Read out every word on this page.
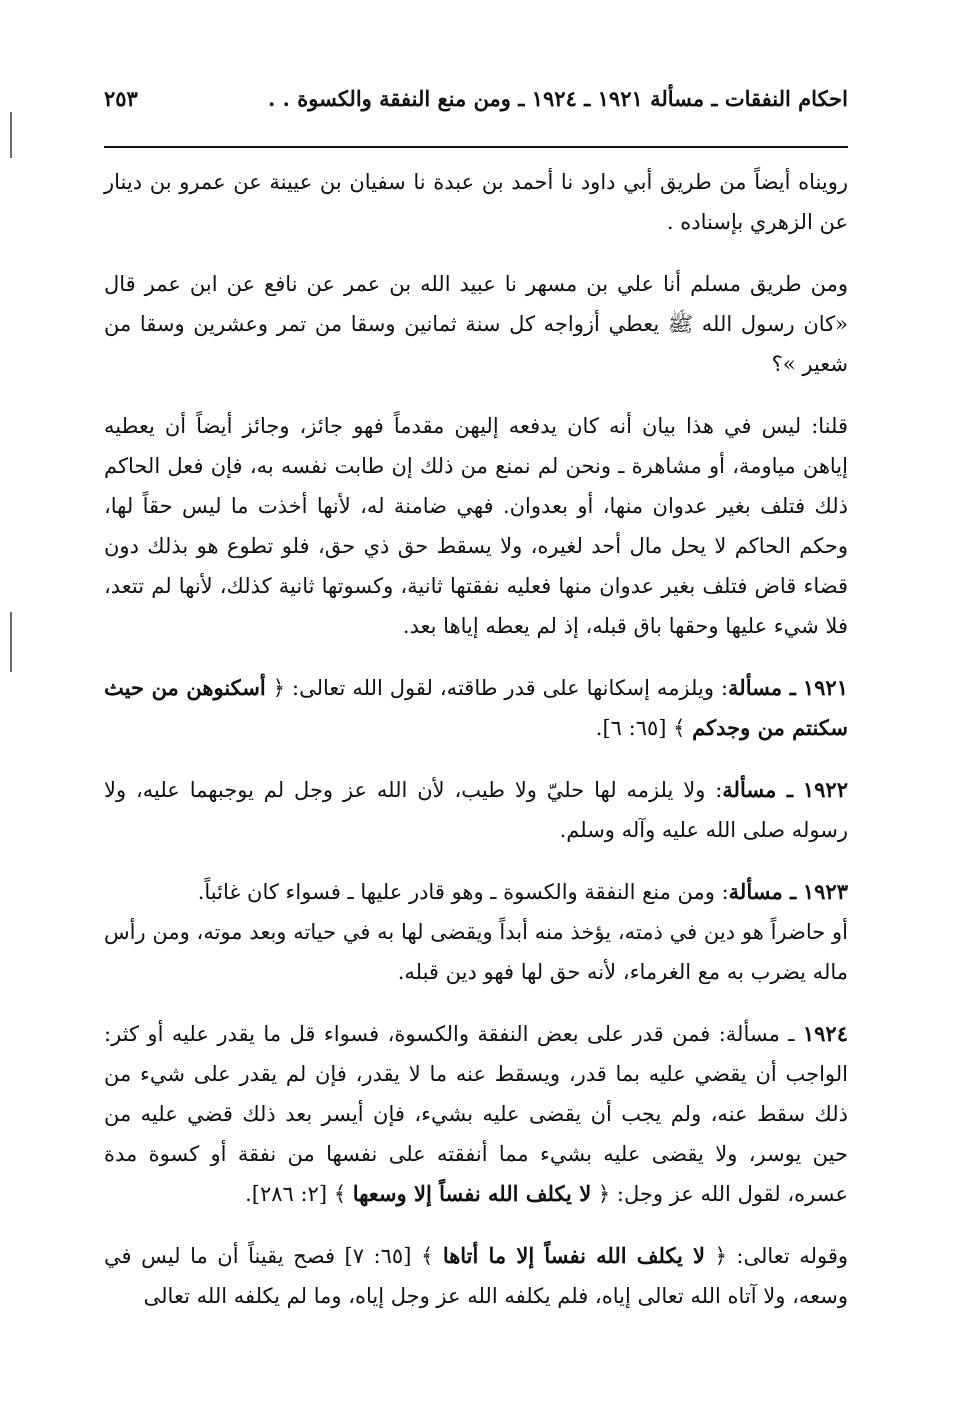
احكام النفقات ـ مسألة ١٩٢١ ـ ١٩٢٤ ـ ومن منع النفقة والكسوة . .
٢٥٣

رويناه أيضاً من طريق أبي داود نا أحمد بن عبدة نا سفيان بن عيينة عن عمرو بن دينار عن الزهري بإسناده .

ومن طريق مسلم أنا علي بن مسهر نا عبيد الله بن عمر عن نافع عن ابن عمر قال «كان رسول الله ﷺ يعطي أزواجه كل سنة ثمانين وسقا من تمر وعشرين وسقا من شعير »؟

قلنا: ليس في هذا بيان أنه كان يدفعه إليهن مقدماً فهو جائز، وجائز أيضاً أن يعطيه إياهن مياومة، أو مشاهرة ـ ونحن لم نمنع من ذلك إن طابت نفسه به، فإن فعل الحاكم ذلك فتلف بغير عدوان منها، أو بعدوان. فهي ضامنة له، لأنها أخذت ما ليس حقاً لها، وحكم الحاكم لا يحل مال أحد لغيره، ولا يسقط حق ذي حق، فلو تطوع هو بذلك دون قضاء قاض فتلف بغير عدوان منها فعليه نفقتها ثانية، وكسوتها ثانية كذلك، لأنها لم تتعد، فلا شيء عليها وحقها باق قبله، إذ لم يعطه إياها بعد.

١٩٢١ ـ مسألة: ويلزمه إسكانها على قدر طاقته، لقول الله تعالى: ﴿ أسكنوهن من حيث سكنتم من وجدكم ﴾ [٦٥: ٦].

١٩٢٢ ـ مسألة: ولا يلزمه لها حليّ ولا طيب، لأن الله عز وجل لم يوجبهما عليه، ولا رسوله صلى الله عليه وآله وسلم.

١٩٢٣ ـ مسألة: ومن منع النفقة والكسوة ـ وهو قادر عليها ـ فسواء كان غائباً.

أو حاضراً هو دين في ذمته، يؤخذ منه أبداً ويقضى لها به في حياته وبعد موته، ومن رأس ماله يضرب به مع الغرماء، لأنه حق لها فهو دين قبله.

١٩٢٤ ـ مسألة: فمن قدر على بعض النفقة والكسوة، فسواء قل ما يقدر عليه أو كثر: الواجب أن يقضي عليه بما قدر، ويسقط عنه ما لا يقدر، فإن لم يقدر على شيء من ذلك سقط عنه، ولم يجب أن يقضى عليه بشيء، فإن أيسر بعد ذلك قضي عليه من حين يوسر، ولا يقضى عليه بشيء مما أنفقته على نفسها من نفقة أو كسوة مدة عسره، لقول الله عز وجل: ﴿ لا يكلف الله نفساً إلا وسعها ﴾ [٢: ٢٨٦].

وقوله تعالى: ﴿ لا يكلف الله نفساً إلا ما أتاها ﴾ [٦٥: ٧] فصح يقيناً أن ما ليس في وسعه، ولا آتاه الله تعالى إياه، فلم يكلفه الله عز وجل إياه، وما لم يكلفه الله تعالى
